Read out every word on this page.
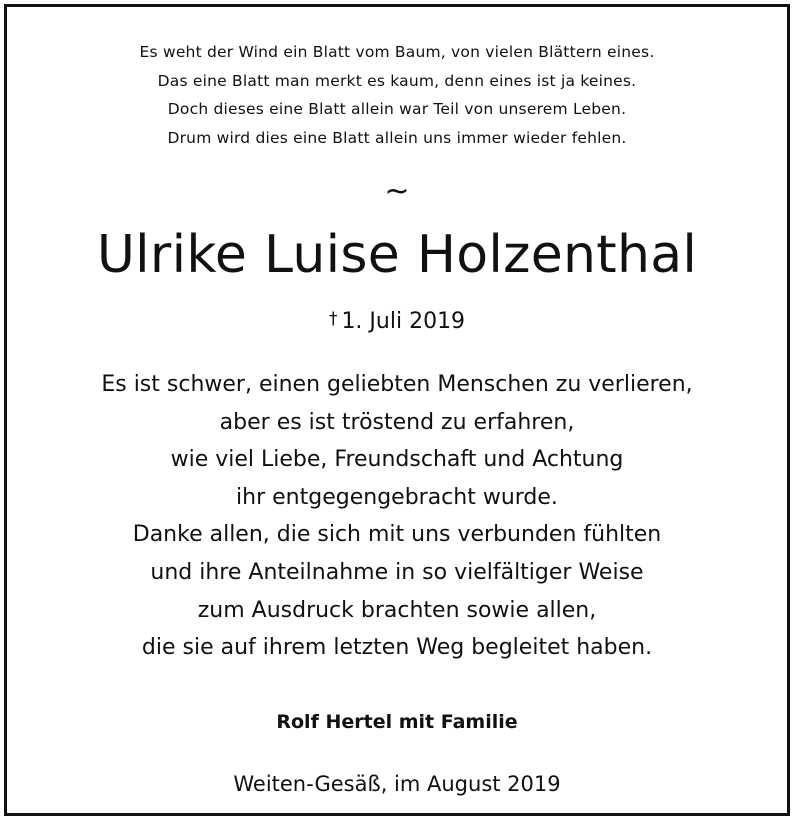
Es weht der Wind ein Blatt vom Baum, von vielen Blättern eines.
Das eine Blatt man merkt es kaum, denn eines ist ja keines.
Doch dieses eine Blatt allein war Teil von unserem Leben.
Drum wird dies eine Blatt allein uns immer wieder fehlen.
~
Ulrike Luise Holzenthal
† 1. Juli 2019
Es ist schwer, einen geliebten Menschen zu verlieren,
aber es ist tröstend zu erfahren,
wie viel Liebe, Freundschaft und Achtung
ihr entgegengebracht wurde.
Danke allen, die sich mit uns verbunden fühlten
und ihre Anteilnahme in so vielfältiger Weise
zum Ausdruck brachten sowie allen,
die sie auf ihrem letzten Weg begleitet haben.
Rolf Hertel mit Familie
Weiten-Gesäß, im August 2019
